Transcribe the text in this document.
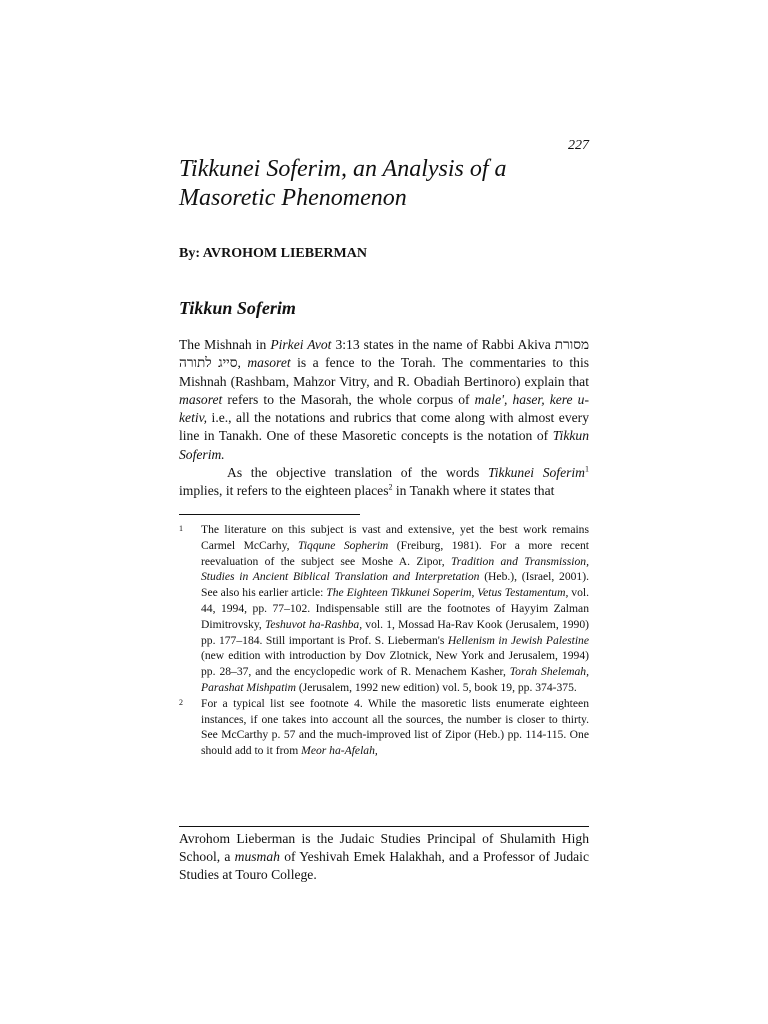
227
Tikkunei Soferim, an Analysis of a Masoretic Phenomenon
By: AVROHOM LIEBERMAN
Tikkun Soferim

The Mishnah in Pirkei Avot 3:13 states in the name of Rabbi Akiva מסורת סייג לתורה, masoret is a fence to the Torah. The commentaries to this Mishnah (Rashbam, Mahzor Vitry, and R. Obadiah Bertinoro) explain that masoret refers to the Masorah, the whole corpus of male', haser, kere u-ketiv, i.e., all the notations and rubrics that come along with almost every line in Tanakh. One of these Masoretic concepts is the notation of Tikkun Soferim.

As the objective translation of the words Tikkunei Soferim$^1$ implies, it refers to the eighteen places$^2$ in Tanakh where it states that

1	The literature on this subject is vast and extensive, yet the best work remains Carmel McCarhy, Tiqqune Sopherim (Freiburg, 1981). For a more recent reevaluation of the subject see Moshe A. Zipor, Tradition and Transmission, Studies in Ancient Biblical Translation and Interpretation (Heb.), (Israel, 2001). See also his earlier article: The Eighteen Tikkunei Soperim, Vetus Testamentum, vol. 44, 1994, pp. 77–102. Indispensable still are the footnotes of Hayyim Zalman Dimitrovsky, Teshuvot ha-Rashba, vol. 1, Mossad Ha-Rav Kook (Jerusalem, 1990) pp. 177–184. Still important is Prof. S. Lieberman's Hellenism in Jewish Palestine (new edition with introduction by Dov Zlotnick, New York and Jerusalem, 1994) pp. 28–37, and the encyclopedic work of R. Menachem Kasher, Torah Shelemah, Parashat Mishpatim (Jerusalem, 1992 new edition) vol. 5, book 19, pp. 374-375.
2	For a typical list see footnote 4. While the masoretic lists enumerate eighteen instances, if one takes into account all the sources, the number is closer to thirty. See McCarthy p. 57 and the much-improved list of Zipor (Heb.) pp. 114-115. One should add to it from Meor ha-Afelah,
Avrohom Lieberman is the Judaic Studies Principal of Shulamith High School, a musmah of Yeshivah Emek Halakhah, and a Professor of Judaic Studies at Touro College.
